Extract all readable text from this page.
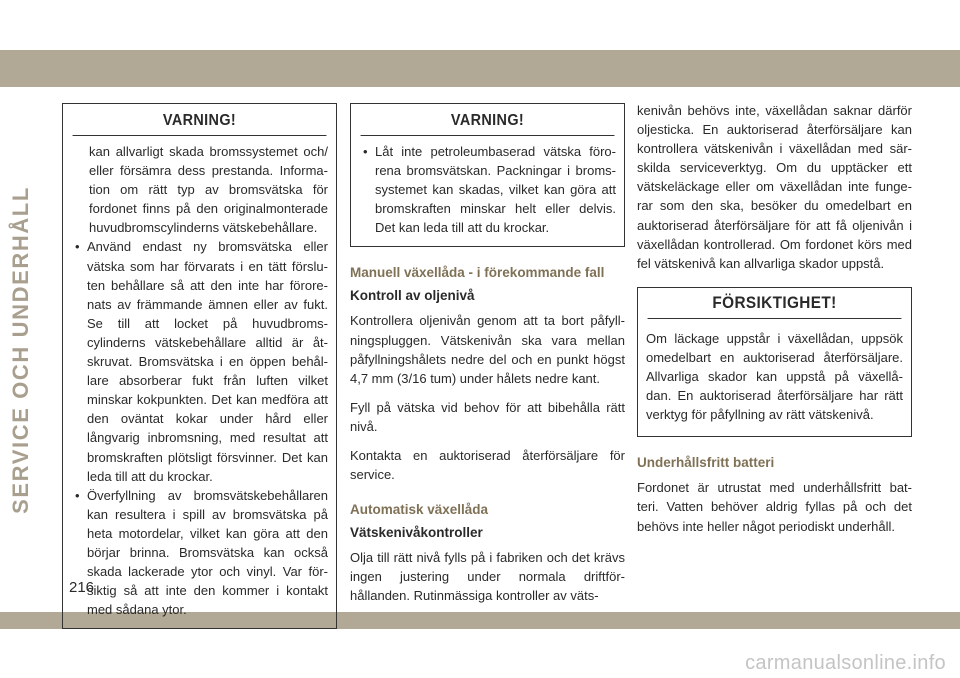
SERVICE OCH UNDERHÅLL
VARNING!

kan allvarligt skada bromssystemet och/ eller försämra dess prestanda. Informa- tion om rätt typ av bromsvätska för fordonet finns på den originalmonterade huvudbromscylinderns vätskebehållare.

• Använd endast ny bromsvätska eller vätska som har förvarats i en tätt förslu- ten behållare så att den inte har förore- nats av främmande ämnen eller av fukt. Se till att locket på huvudbroms- cylinderns vätskebehållare alltid är åt- skruvat. Bromsvätska i en öppen behål- lare absorberar fukt från luften vilket minskar kokpunkten. Det kan medföra att den oväntat kokar under hård eller långvarig inbromsning, med resultat att bromskraften plötsligt försvinner. Det kan leda till att du krockar.
• Överfyllning av bromsvätskebehållaren kan resultera i spill av bromsvätska på heta motordelar, vilket kan göra att den börjar brinna. Bromsvätska kan också skada lackerade ytor och vinyl. Var för- siktig så att inte den kommer i kontakt med sådana ytor.
VARNING!
• Låt inte petroleumbaserad vätska föro- rena bromsvätskan. Packningar i broms- systemet kan skadas, vilket kan göra att bromskraften minskar helt eller delvis. Det kan leda till att du krockar.
Manuell växellåda - i förekommande fall
Kontroll av oljenivå

Kontrollera oljenivån genom att ta bort påfyll- ningspluggen. Vätskenivån ska vara mellan påfyllningshålets nedre del och en punkt högst 4,7 mm (3/16 tum) under hålets nedre kant.

Fyll på vätska vid behov för att bibehålla rätt nivå.

Kontakta en auktoriserad återförsäljare för service.

Automatisk växellåda
Vätskenivåkontroller

Olja till rätt nivå fylls på i fabriken och det krävs ingen justering under normala driftför- hållanden. Rutinmässiga kontroller av väts-

kenivån behövs inte, växellådan saknar därför oljesticka. En auktoriserad återförsäljare kan kontrollera vätskenivån i växellådan med sär- skilda serviceverktyg. Om du upptäcker ett vätskeläckage eller om växellådan inte funge- rar som den ska, besöker du omedelbart en auktoriserad återförsäljare för att få oljenivån i växellådan kontrollerad. Om fordonet körs med fel vätskenivå kan allvarliga skador uppstå.

FÖRSIKTIGHET!

Om läckage uppstår i växellådan, uppsök omedelbart en auktoriserad återförsäljare. Allvarliga skador kan uppstå på växellå- dan. En auktoriserad återförsäljare har rätt verktyg för påfyllning av rätt vätskenivå.

Underhållsfritt batteri

Fordonet är utrustat med underhållsfritt bat- teri. Vatten behöver aldrig fyllas på och det behövs inte heller något periodiskt underhåll.

216
carmanualsonline.info
